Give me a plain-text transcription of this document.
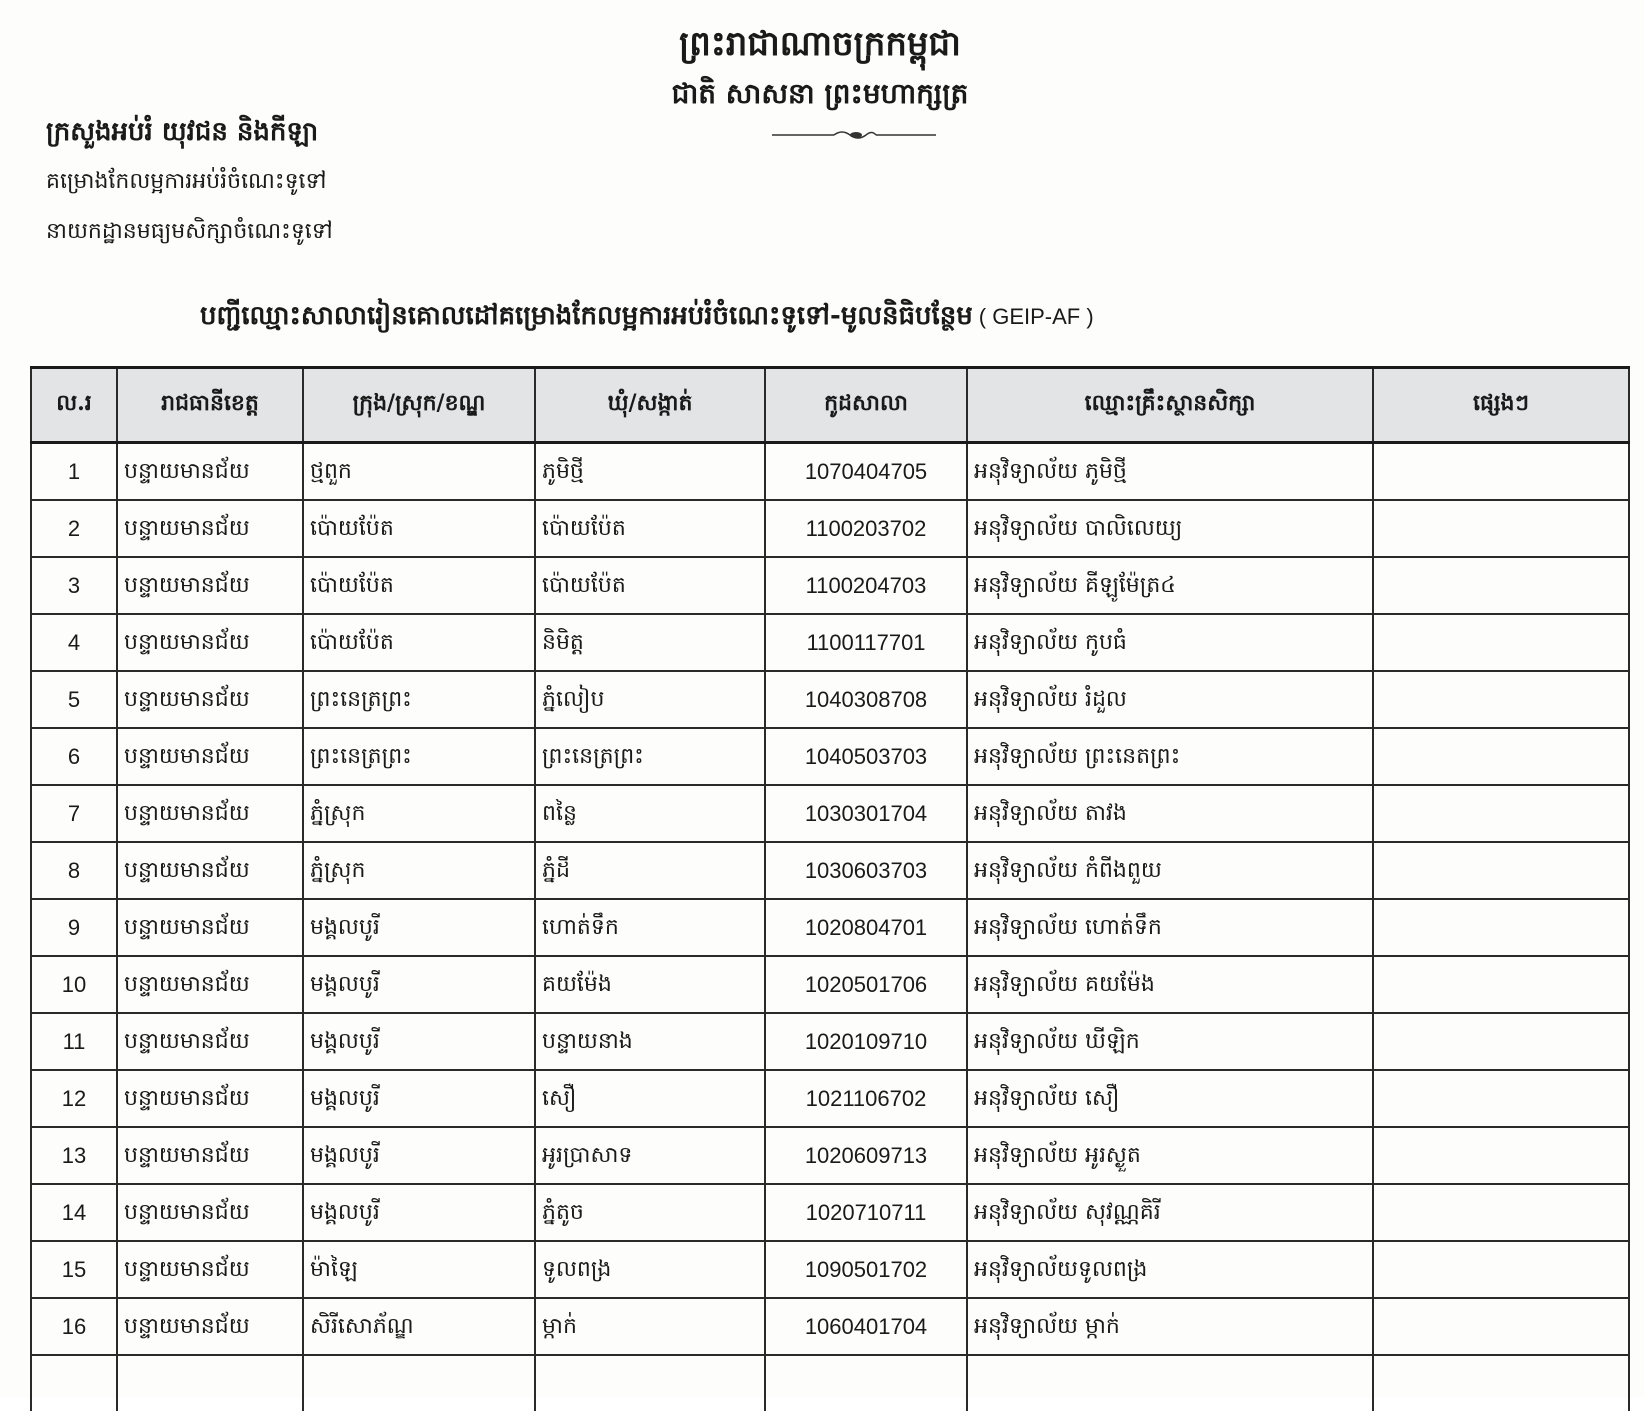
ព្រះរាជាណាចក្រកម្ពុជា
ជាតិ សាសនា ព្រះមហាក្សត្រ
ក្រសួងអប់រំ យុវជន និងកីឡា
គម្រោងកែលម្អការអប់រំចំណេះទូទៅ
នាយកដ្ឋានមធ្យមសិក្សាចំណេះទូទៅ
បញ្ជីឈ្មោះសាលារៀនគោលដៅគម្រោងកែលម្អការអប់រំចំណេះទូទៅ-មូលនិធិបន្ថែម ( GEIP-AF )
ល.រ	រាជធានីខេត្ត	ក្រុង/ស្រុក/ខណ្ឌ	ឃុំ/សង្កាត់	កូដសាលា	ឈ្មោះគ្រឹះស្ថានសិក្សា	ផ្សេងៗ
1	បន្ទាយមានជ័យ	ថ្មពួក	ភូមិថ្មី	1070404705	អនុវិទ្យាល័យ ភូមិថ្មី	
2	បន្ទាយមានជ័យ	ប៉ោយប៉ែត	ប៉ោយប៉ែត	1100203702	អនុវិទ្យាល័យ បាលិលេយ្យ	
3	បន្ទាយមានជ័យ	ប៉ោយប៉ែត	ប៉ោយប៉ែត	1100204703	អនុវិទ្យាល័យ គីឡូម៉ែត្រ៤	
4	បន្ទាយមានជ័យ	ប៉ោយប៉ែត	និមិត្ត	1100117701	អនុវិទ្យាល័យ កូបធំ	
5	បន្ទាយមានជ័យ	ព្រះនេត្រព្រះ	ភ្នំលៀប	1040308708	អនុវិទ្យាល័យ រំដួល	
6	បន្ទាយមានជ័យ	ព្រះនេត្រព្រះ	ព្រះនេត្រព្រះ	1040503703	អនុវិទ្យាល័យ ព្រះនេតព្រះ	
7	បន្ទាយមានជ័យ	ភ្នំស្រុក	ពន្លៃ	1030301704	អនុវិទ្យាល័យ តាវង	
8	បន្ទាយមានជ័យ	ភ្នំស្រុក	ភ្នំដី	1030603703	អនុវិទ្យាល័យ កំពីងពួយ	
9	បន្ទាយមានជ័យ	មង្គលបូរី	ហោត់ទឹក	1020804701	អនុវិទ្យាល័យ ហោត់ទឹក	
10	បន្ទាយមានជ័យ	មង្គលបូរី	គយម៉ែង	1020501706	អនុវិទ្យាល័យ គយម៉ែង	
11	បន្ទាយមានជ័យ	មង្គលបូរី	បន្ទាយនាង	1020109710	អនុវិទ្យាល័យ ឃីឡិក	
12	បន្ទាយមានជ័យ	មង្គលបូរី	សឿ	1021106702	អនុវិទ្យាល័យ សឿ	
13	បន្ទាយមានជ័យ	មង្គលបូរី	អូរប្រាសាទ	1020609713	អនុវិទ្យាល័យ អូរស្ងួត	
14	បន្ទាយមានជ័យ	មង្គលបូរី	ភ្នំតូច	1020710711	អនុវិទ្យាល័យ សុវណ្ណគិរី	
15	បន្ទាយមានជ័យ	ម៉ាឡៃ	ទូលពង្រ	1090501702	អនុវិទ្យាល័យទូលពង្រ	
16	បន្ទាយមានជ័យ	សិរីសោភ័ណ្ឌ	ម្កាក់	1060401704	អនុវិទ្យាល័យ ម្កាក់	
